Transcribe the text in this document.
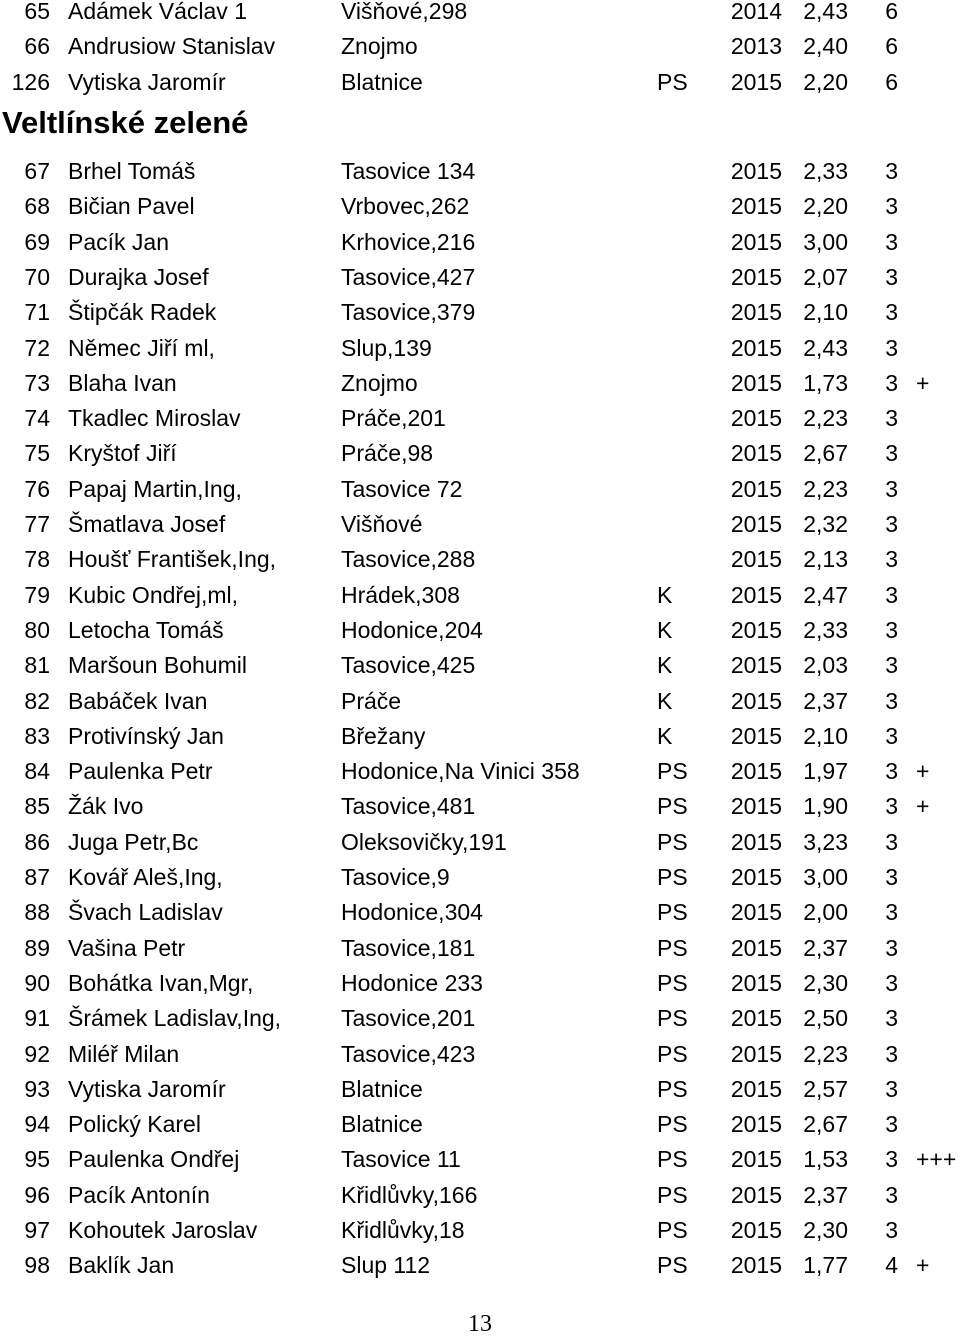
65 Adámek Václav 1	Višňové,298	2014 2,43	6
66 Andrusiow Stanislav	Znojmo	2013 2,40	6
126 Vytiska Jaromír	Blatnice	PS	2015 2,20	6
Veltlínské zelené
67 Brhel Tomáš	Tasovice 134	2015 2,33	3
68 Bičian Pavel	Vrbovec,262	2015 2,20	3
69 Pacík Jan	Krhovice,216	2015 3,00	3
70 Durajka Josef	Tasovice,427	2015 2,07	3
71 Štipčák Radek	Tasovice,379	2015 2,10	3
72 Němec Jiří ml,	Slup,139	2015 2,43	3
73 Blaha Ivan	Znojmo	2015 1,73	3 +
74 Tkadlec Miroslav	Práče,201	2015 2,23	3
75 Kryštof Jiří	Práče,98	2015 2,67	3
76 Papaj Martin,Ing,	Tasovice 72	2015 2,23	3
77 Šmatlava Josef	Višňové	2015 2,32	3
78 Houšť František,Ing,	Tasovice,288	2015 2,13	3
79 Kubic Ondřej,ml,	Hrádek,308	K	2015 2,47	3
80 Letocha Tomáš	Hodonice,204	K	2015 2,33	3
81 Maršoun Bohumil	Tasovice,425	K	2015 2,03	3
82 Babáček Ivan	Práče	K	2015 2,37	3
83 Protivínský Jan	Břežany	K	2015 2,10	3
84 Paulenka Petr	Hodonice,Na Vinici 358	PS	2015 1,97	3 +
85 Žák Ivo	Tasovice,481	PS	2015 1,90	3 +
86 Juga Petr,Bc	Oleksovičky,191	PS	2015 3,23	3
87 Kovář Aleš,Ing,	Tasovice,9	PS	2015 3,00	3
88 Švach Ladislav	Hodonice,304	PS	2015 2,00	3
89 Vašina Petr	Tasovice,181	PS	2015 2,37	3
90 Bohátka Ivan,Mgr,	Hodonice 233	PS	2015 2,30	3
91 Šrámek Ladislav,Ing,	Tasovice,201	PS	2015 2,50	3
92 Miléř Milan	Tasovice,423	PS	2015 2,23	3
93 Vytiska Jaromír	Blatnice	PS	2015 2,57	3
94 Polický Karel	Blatnice	PS	2015 2,67	3
95 Paulenka Ondřej	Tasovice 11	PS	2015 1,53	3 +++
96 Pacík Antonín	Křidlůvky,166	PS	2015 2,37	3
97 Kohoutek Jaroslav	Křidlůvky,18	PS	2015 2,30	3
98 Baklík Jan	Slup 112	PS	2015 1,77	4 +
13
